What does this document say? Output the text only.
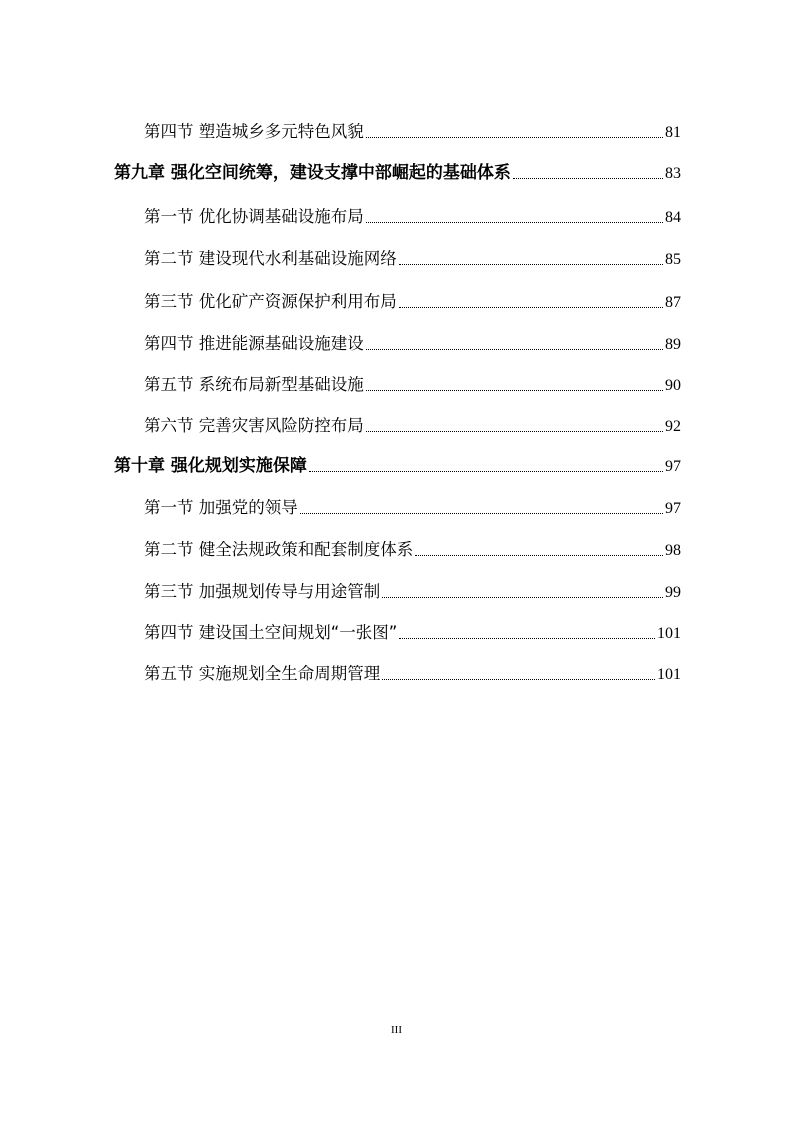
第四节 塑造城乡多元特色风貌	81
第九章 强化空间统筹，建设支撑中部崛起的基础体系	83
第一节 优化协调基础设施布局	84
第二节 建设现代水利基础设施网络	85
第三节 优化矿产资源保护利用布局	87
第四节 推进能源基础设施建设	89
第五节 系统布局新型基础设施	90
第六节 完善灾害风险防控布局	92
第十章 强化规划实施保障	97
第一节 加强党的领导	97
第二节 健全法规政策和配套制度体系	98
第三节 加强规划传导与用途管制	99
第四节 建设国土空间规划“一张图”	101
第五节 实施规划全生命周期管理	101
III
